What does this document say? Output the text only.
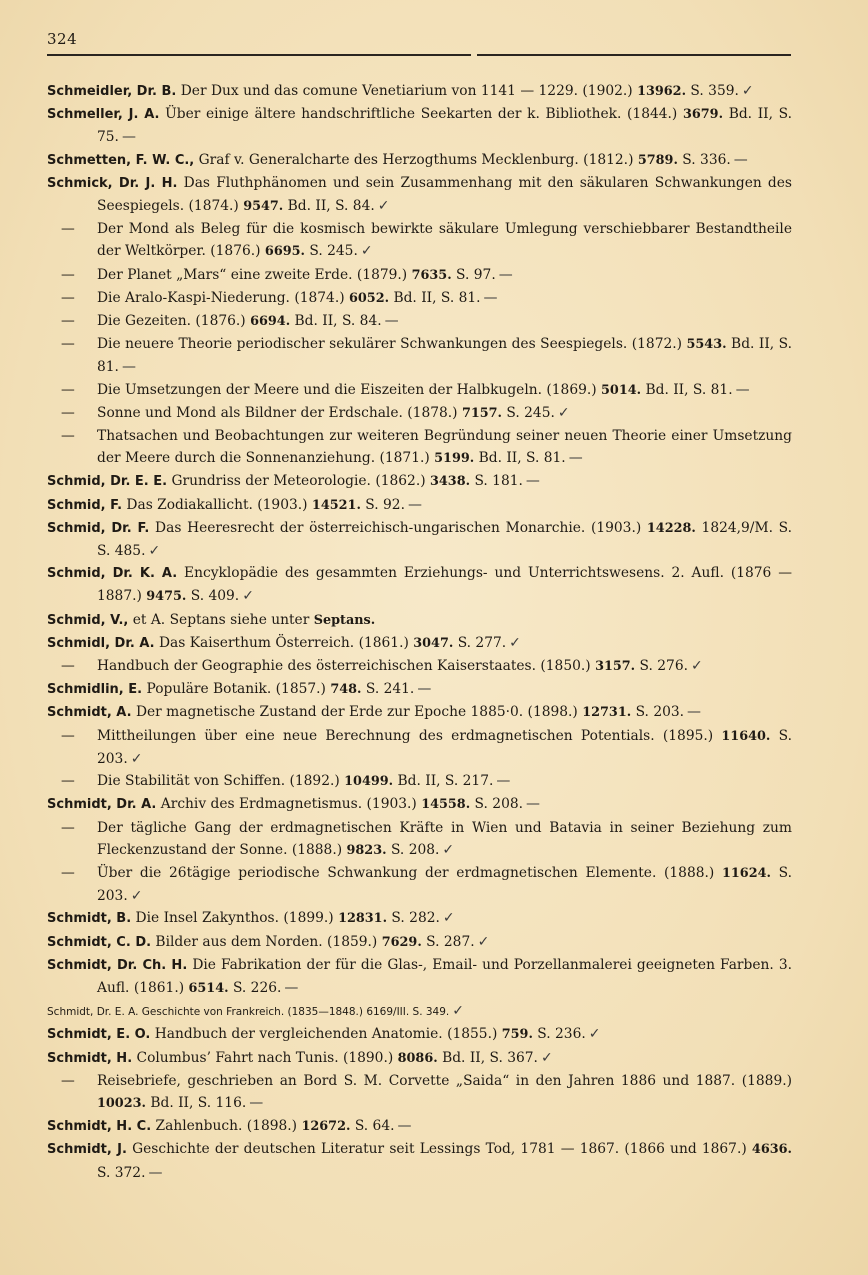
324

Schmeidler, Dr. B. Der Dux und das comune Venetiarium von 1141 — 1229. (1902.) 13962. S. 359. ✓

Schmeller, J. A. Über einige ältere handschriftliche Seekarten der k. Bibliothek. (1844.) 3679. Bd. II, S. 75. —

Schmetten, F. W. C., Graf v. Generalcharte des Herzogthums Mecklenburg. (1812.) 5789. S. 336. —

Schmick, Dr. J. H. Das Fluthphänomen und sein Zusammenhang mit den säkularen Schwankungen des Seespiegels. (1874.) 9547. Bd. II, S. 84. ✓

— Der Mond als Beleg für die kosmisch bewirkte säkulare Umlegung verschiebbarer Bestandtheile der Weltkörper. (1876.) 6695. S. 245. ✓

— Der Planet „Mars“ eine zweite Erde. (1879.) 7635. S. 97. —

— Die Aralo-Kaspi-Niederung. (1874.) 6052. Bd. II, S. 81. —

— Die Gezeiten. (1876.) 6694. Bd. II, S. 84. —

— Die neuere Theorie periodischer sekulärer Schwankungen des Seespiegels. (1872.) 5543. Bd. II, S. 81. —

— Die Umsetzungen der Meere und die Eiszeiten der Halbkugeln. (1869.) 5014. Bd. II, S. 81. —

— Sonne und Mond als Bildner der Erdschale. (1878.) 7157. S. 245. ✓

— Thatsachen und Beobachtungen zur weiteren Begründung seiner neuen Theorie einer Umsetzung der Meere durch die Sonnenanziehung. (1871.) 5199. Bd. II, S. 81. —

Schmid, Dr. E. E. Grundriss der Meteorologie. (1862.) 3438. S. 181. —

Schmid, F. Das Zodiakallicht. (1903.) 14521. S. 92. —

Schmid, Dr. F. Das Heeresrecht der österreichisch-ungarischen Monarchie. (1903.) 14228. 1824,9/M. S. S. 485. ✓

Schmid, Dr. K. A. Encyklopädie des gesammten Erziehungs- und Unterrichtswesens. 2. Aufl. (1876 — 1887.) 9475. S. 409. ✓

Schmid, V., et A. Septans siehe unter Septans.

Schmidl, Dr. A. Das Kaiserthum Österreich. (1861.) 3047. S. 277. ✓

— Handbuch der Geographie des österreichischen Kaiserstaates. (1850.) 3157. S. 276. ✓

Schmidlin, E. Populäre Botanik. (1857.) 748. S. 241. —

Schmidt, A. Der magnetische Zustand der Erde zur Epoche 1885·0. (1898.) 12731. S. 203. —

— Mittheilungen über eine neue Berechnung des erdmagnetischen Potentials. (1895.) 11640. S. 203. ✓

— Die Stabilität von Schiffen. (1892.) 10499. Bd. II, S. 217. —

Schmidt, Dr. A. Archiv des Erdmagnetismus. (1903.) 14558. S. 208. —

— Der tägliche Gang der erdmagnetischen Kräfte in Wien und Batavia in seiner Beziehung zum Fleckenzustand der Sonne. (1888.) 9823. S. 208. ✓

— Über die 26tägige periodische Schwankung der erdmagnetischen Elemente. (1888.) 11624. S. 203. ✓

Schmidt, B. Die Insel Zakynthos. (1899.) 12831. S. 282. ✓

Schmidt, C. D. Bilder aus dem Norden. (1859.) 7629. S. 287. ✓

Schmidt, Dr. Ch. H. Die Fabrikation der für die Glas-, Email- und Porzellanmalerei geeigneten Farben. 3. Aufl. (1861.) 6514. S. 226. —

Schmidt, Dr. E. A. Geschichte von Frankreich. (1835—1848.) 6169/III. S. 349. ✓

Schmidt, E. O. Handbuch der vergleichenden Anatomie. (1855.) 759. S. 236. ✓

Schmidt, H. Columbus’ Fahrt nach Tunis. (1890.) 8086. Bd. II, S. 367. ✓

— Reisebriefe, geschrieben an Bord S. M. Corvette „Saida“ in den Jahren 1886 und 1887. (1889.) 10023. Bd. II, S. 116. —

Schmidt, H. C. Zahlenbuch. (1898.) 12672. S. 64. —

Schmidt, J. Geschichte der deutschen Literatur seit Lessings Tod, 1781 — 1867. (1866 und 1867.) 4636. S. 372. —
